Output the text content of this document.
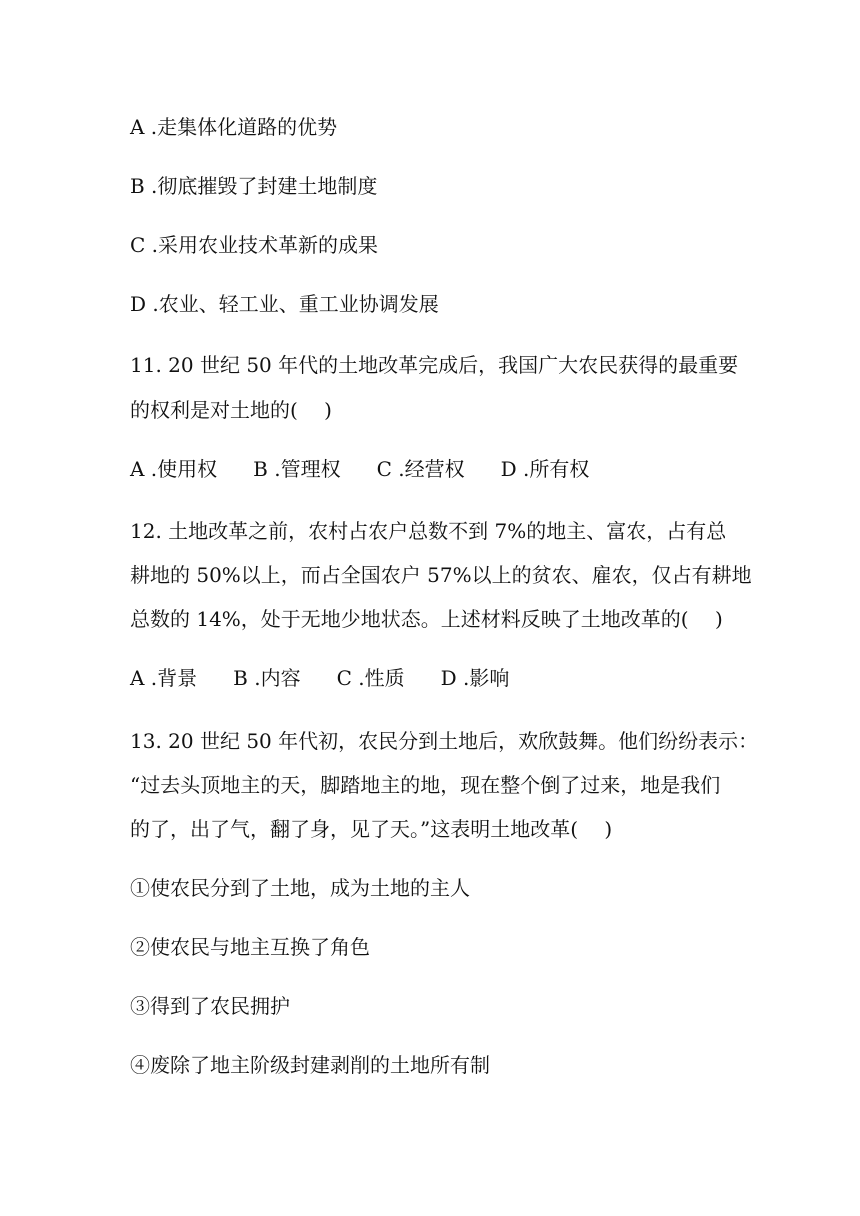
A .走集体化道路的优势
B .彻底摧毁了封建土地制度
C .采用农业技术革新的成果
D .农业、轻工业、重工业协调发展
11. 20 世纪 50 年代的土地改革完成后，我国广大农民获得的最重要
的权利是对土地的(　 )
A .使用权 B .管理权 C .经营权 D .所有权
12. 土地改革之前，农村占农户总数不到 7%的地主、富农，占有总
耕地的 50%以上，而占全国农户 57%以上的贫农、雇农，仅占有耕地
总数的 14%，处于无地少地状态。上述材料反映了土地改革的(　 )
A .背景 B .内容 C .性质 D .影响
13. 20 世纪 50 年代初，农民分到土地后，欢欣鼓舞。他们纷纷表示：
“过去头顶地主的天，脚踏地主的地，现在整个倒了过来，地是我们
的了，出了气，翻了身，见了天。”这表明土地改革(　 )
①使农民分到了土地，成为土地的主人
②使农民与地主互换了角色
③得到了农民拥护
④废除了地主阶级封建剥削的土地所有制
